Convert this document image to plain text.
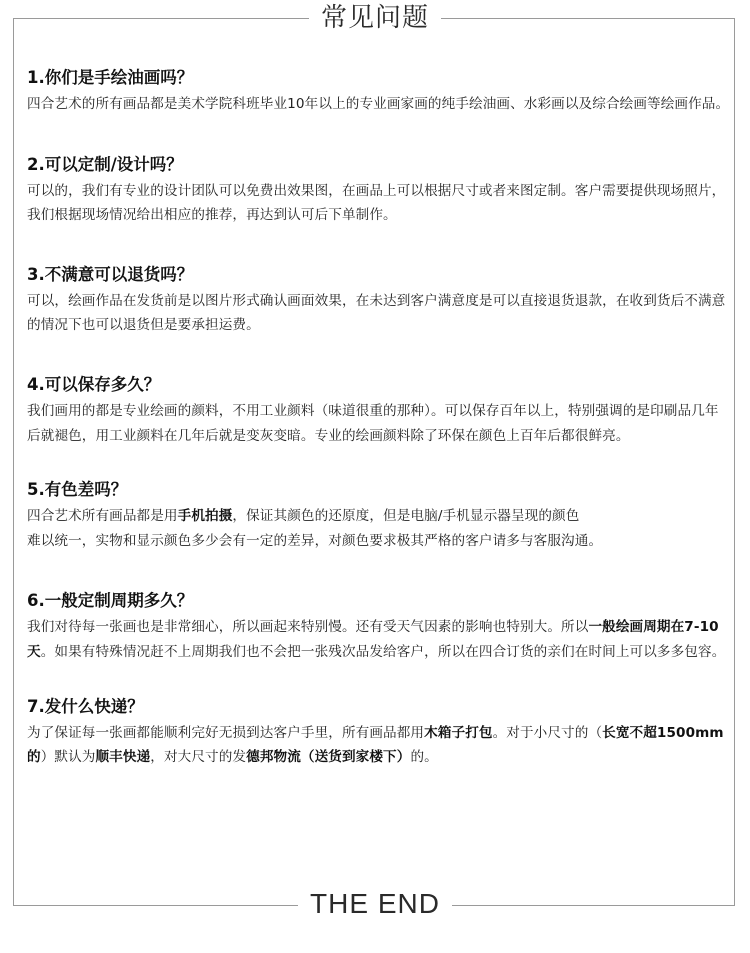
常见问题

1.你们是手绘油画吗？

四合艺术的所有画品都是美术学院科班毕业10年以上的专业画家画的纯手绘油画、水彩画以及综合绘画等绘画作品。

2.可以定制/设计吗？

可以的，我们有专业的设计团队可以免费出效果图，在画品上可以根据尺寸或者来图定制。客户需要提供现场照片，我们根据现场情况给出相应的推荐，再达到认可后下单制作。

3.不满意可以退货吗？

可以，绘画作品在发货前是以图片形式确认画面效果，在未达到客户满意度是可以直接退货退款，在收到货后不满意的情况下也可以退货但是要承担运费。

4.可以保存多久？

我们画用的都是专业绘画的颜料，不用工业颜料（味道很重的那种）。可以保存百年以上，特别强调的是印刷品几年后就褪色，用工业颜料在几年后就是变灰变暗。专业的绘画颜料除了环保在颜色上百年后都很鲜亮。

5.有色差吗？

四合艺术所有画品都是用手机拍摄，保证其颜色的还原度，但是电脑/手机显示器呈现的颜色

难以统一，实物和显示颜色多少会有一定的差异，对颜色要求极其严格的客户请多与客服沟通。

6.一般定制周期多久？

我们对待每一张画也是非常细心，所以画起来特别慢。还有受天气因素的影响也特别大。所以一般绘画周期在7-10天。如果有特殊情况赶不上周期我们也不会把一张残次品发给客户，所以在四合订货的亲们在时间上可以多多包容。

7.发什么快递？

为了保证每一张画都能顺利完好无损到达客户手里，所有画品都用木箱子打包。对于小尺寸的（长宽不超1500mm的）默认为顺丰快递，对大尺寸的发德邦物流（送货到家楼下）的。

THE END
